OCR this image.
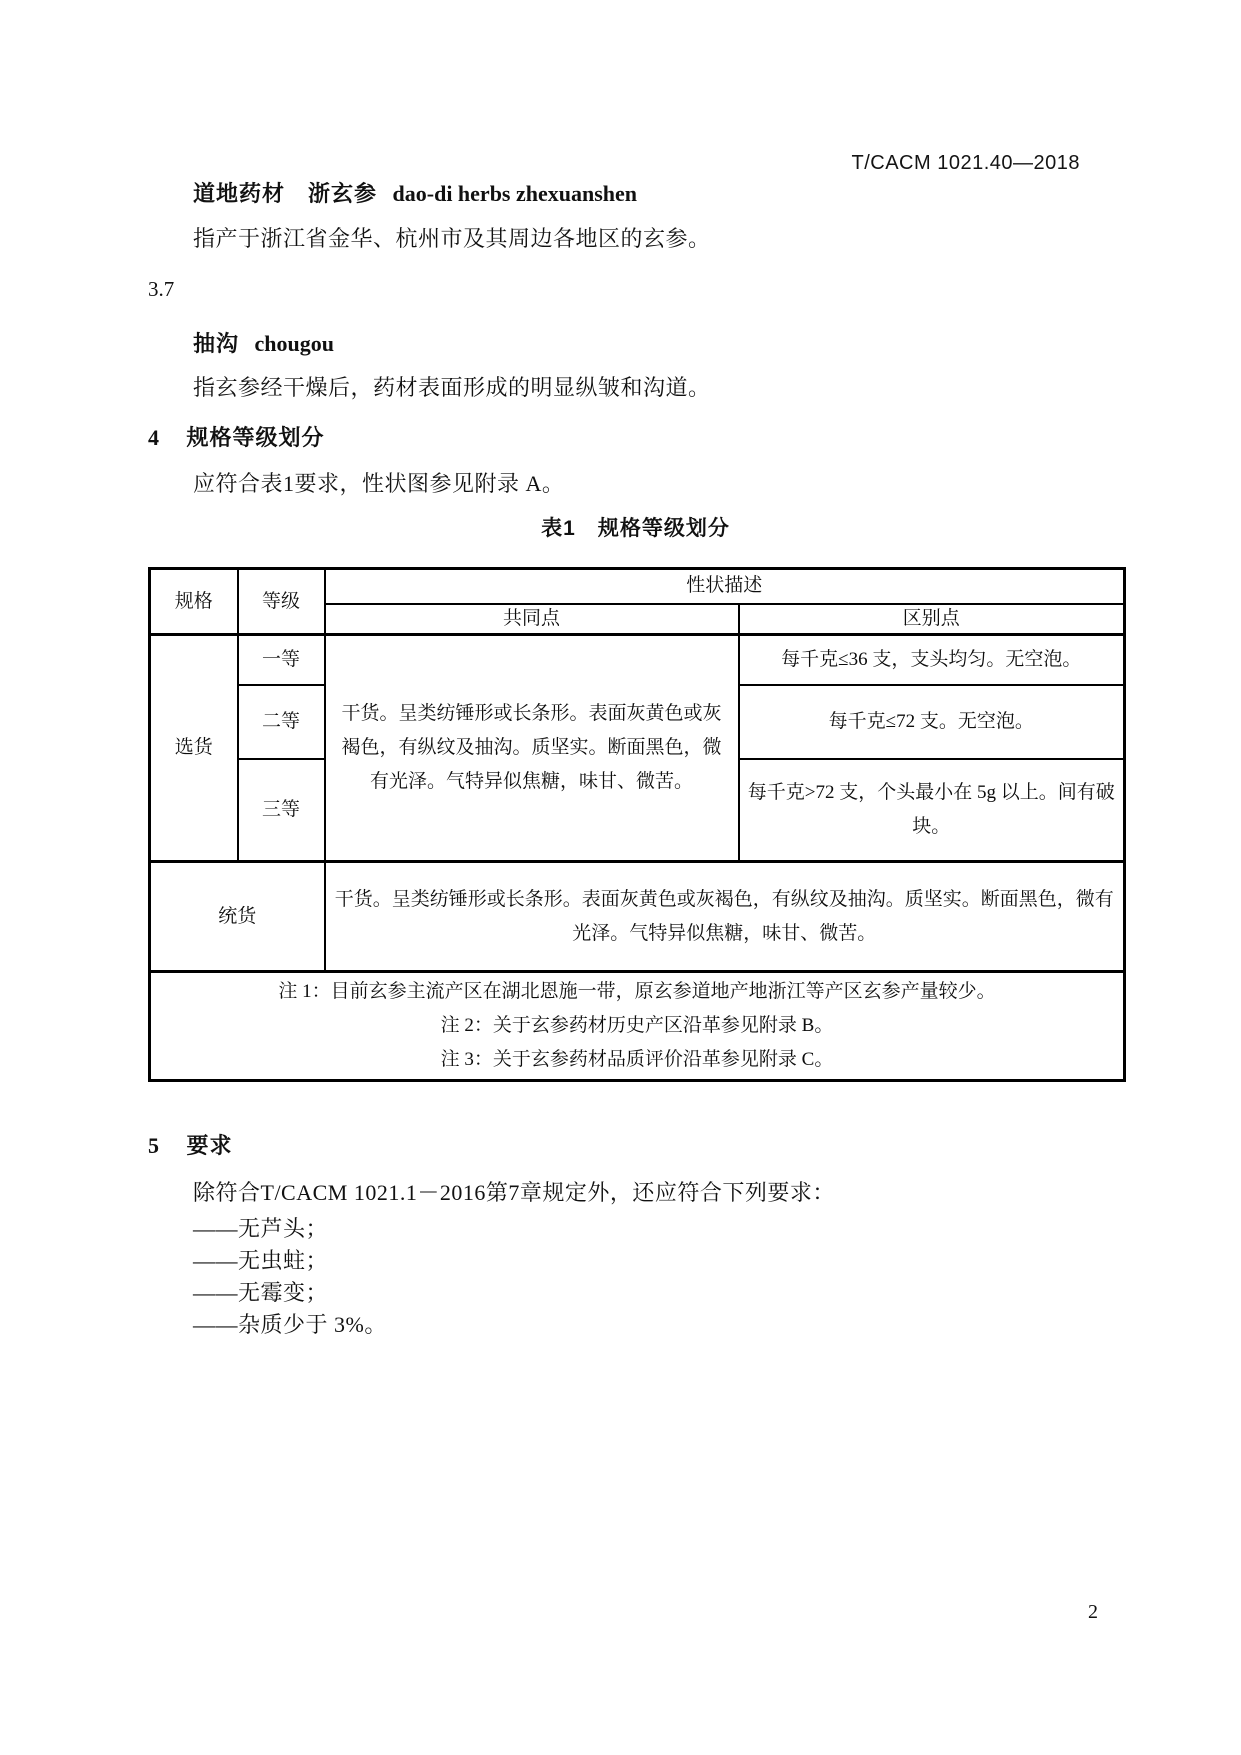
T/CACM 1021.40—2018
道地药材　浙玄参 dao-di herbs zhexuanshen
指产于浙江省金华、杭州市及其周边各地区的玄参。
3.7
抽沟 chougou
指玄参经干燥后，药材表面形成的明显纵皱和沟道。
4 规格等级划分
应符合表1要求，性状图参见附录 A。
表1　规格等级划分
规格	等级	性状描述	
		共同点	区别点
选货	一等	干货。呈类纺锤形或长条形。表面灰黄色或灰褐色，有纵纹及抽沟。质坚实。断面黑色，微有光泽。气特异似焦糖，味甘、微苦。	每千克≤36 支，支头均匀。无空泡。
	二等		每千克≤72 支。无空泡。
	三等		每千克>72 支，个头最小在 5g 以上。间有破块。
统货		干货。呈类纺锤形或长条形。表面灰黄色或灰褐色，有纵纹及抽沟。质坚实。断面黑色，微有光泽。气特异似焦糖，味甘、微苦。	

注 1：目前玄参主流产区在湖北恩施一带，原玄参道地产地浙江等产区玄参产量较少。
注 2：关于玄参药材历史产区沿革参见附录 B。
注 3：关于玄参药材品质评价沿革参见附录 C。			
5 要求
除符合T/CACM 1021.1－2016第7章规定外，还应符合下列要求：
——无芦头；
——无虫蛀；
——无霉变；
——杂质少于 3%。
2
